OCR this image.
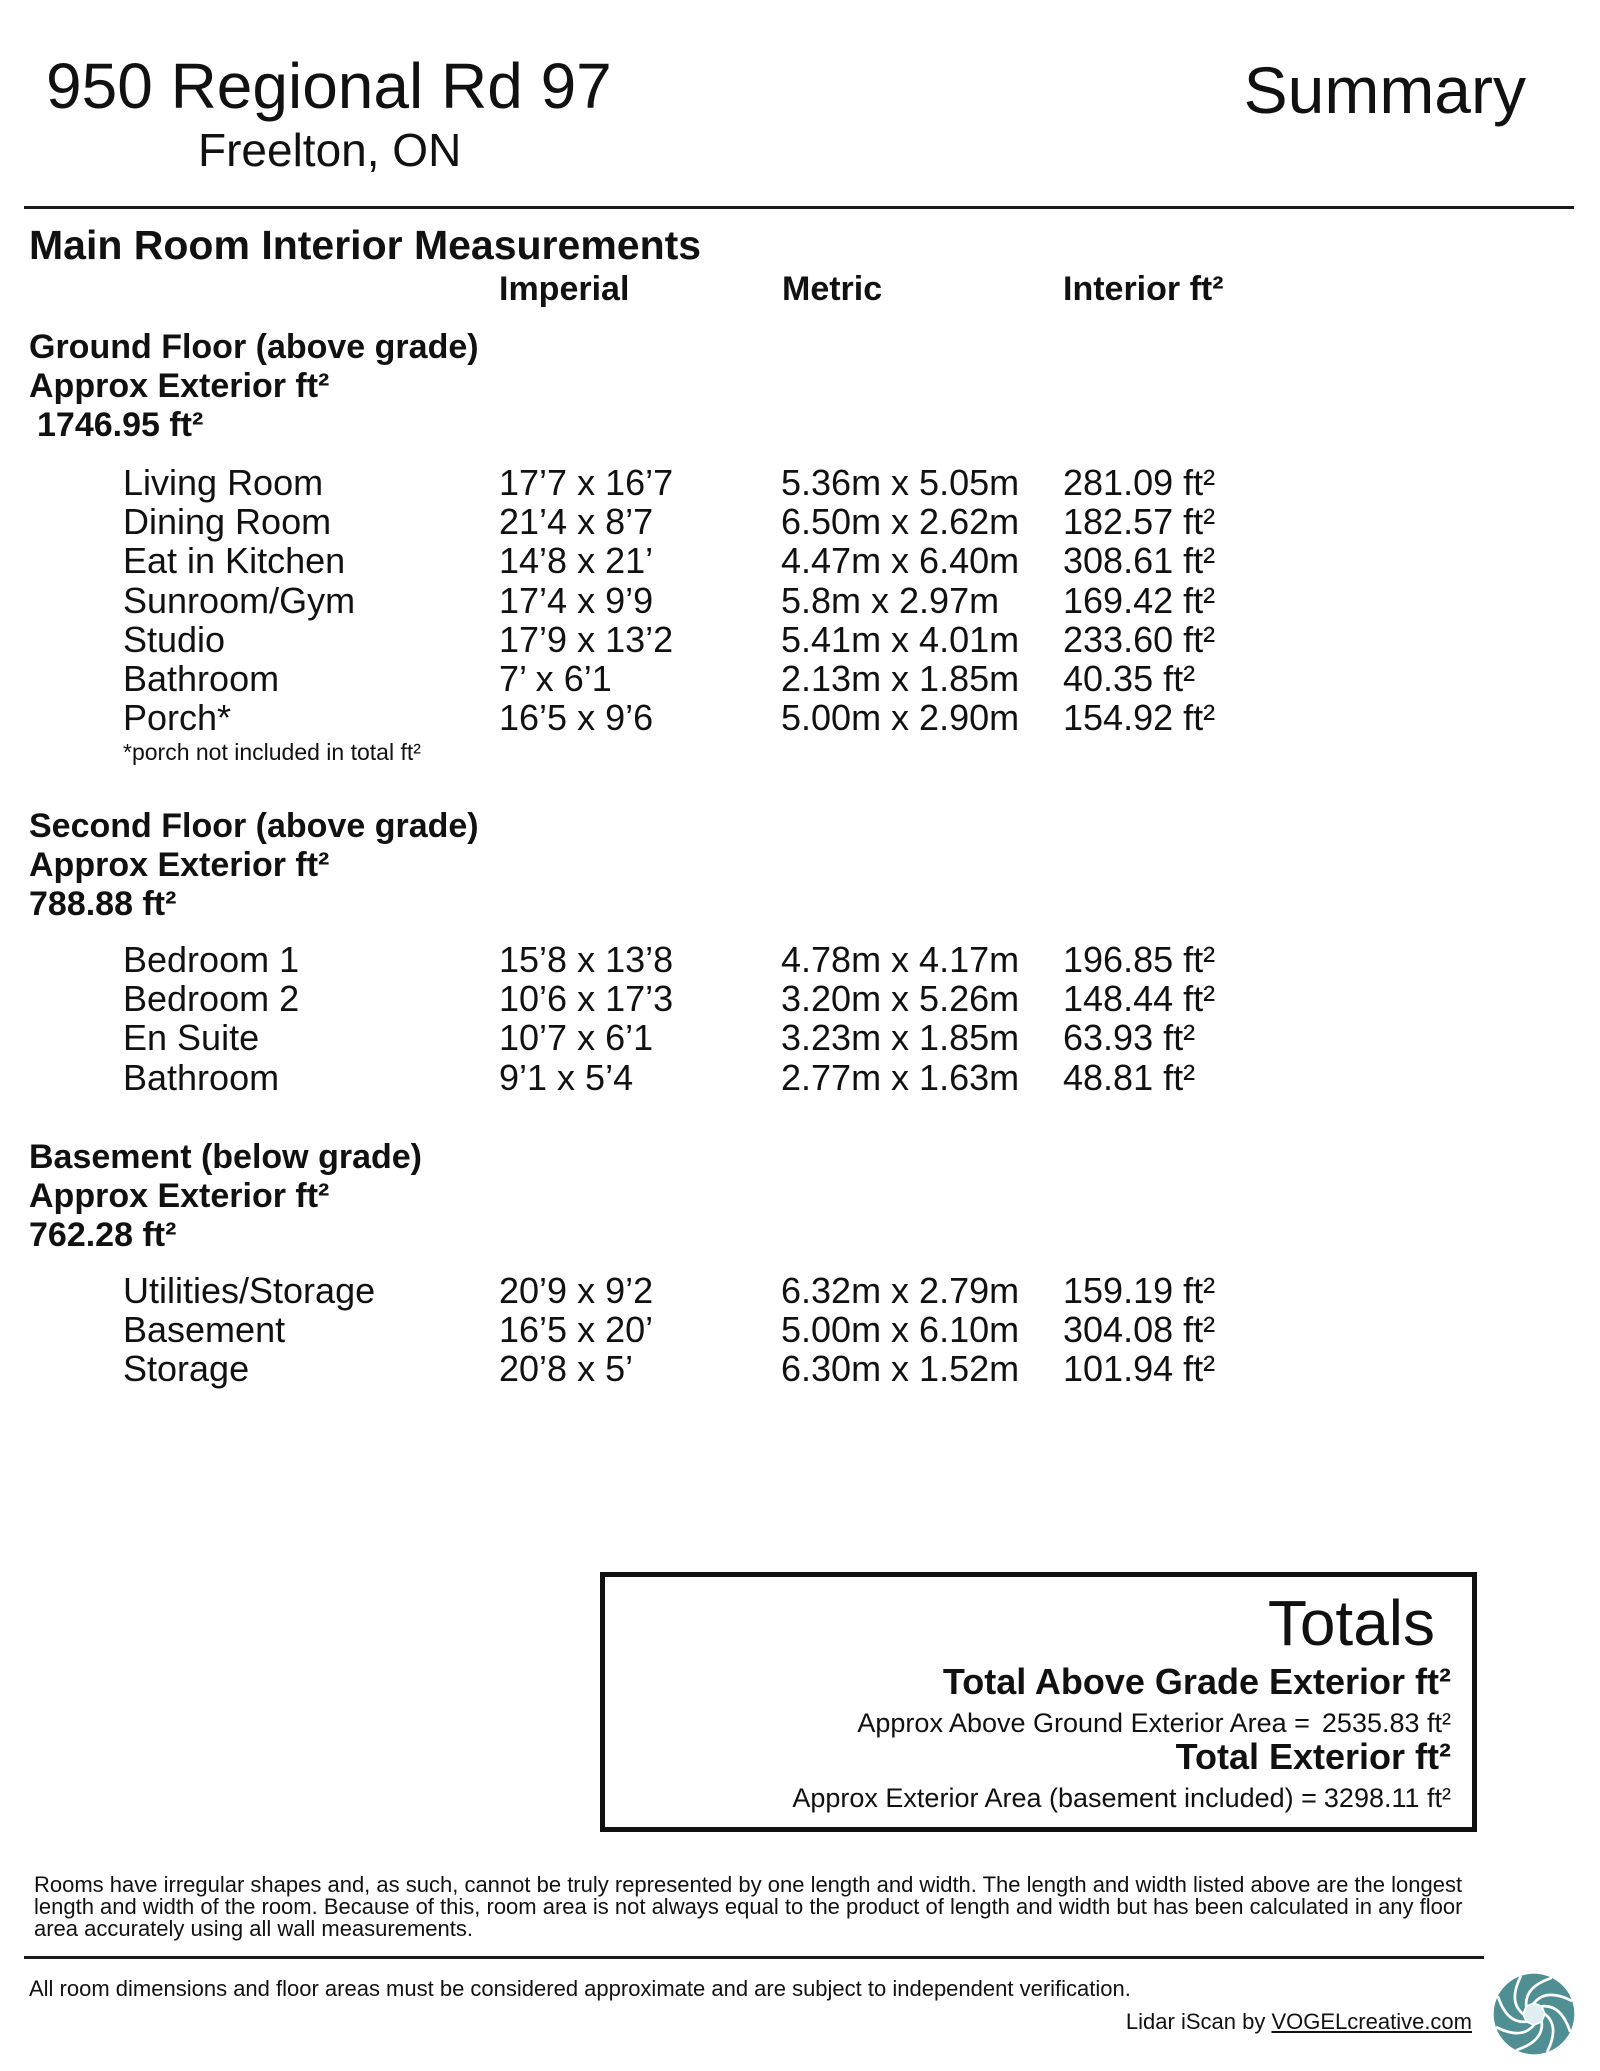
950 Regional Rd 97
Freelton, ON
Summary
Main Room Interior Measurements
Imperial	Metric	Interior ft²
Ground Floor (above grade)
Approx Exterior ft²
1746.95 ft²
Living Room	17’7 x 16’7	5.36m x 5.05m	281.09 ft²
Dining Room	21’4 x 8’7	6.50m x 2.62m	182.57 ft²
Eat in Kitchen	14’8 x 21’	4.47m x 6.40m	308.61 ft²
Sunroom/Gym	17’4 x 9’9	5.8m x 2.97m	169.42 ft²
Studio	17’9 x 13’2	5.41m x 4.01m	233.60 ft²
Bathroom	7’ x 6’1	2.13m x 1.85m	40.35 ft²
Porch*	16’5 x 9’6	5.00m x 2.90m	154.92 ft²
*porch not included in total ft²
Second Floor (above grade)
Approx Exterior ft²
788.88 ft²
Bedroom 1	15’8 x 13’8	4.78m x 4.17m	196.85 ft²
Bedroom 2	10’6 x 17’3	3.20m x 5.26m	148.44 ft²
En Suite	10’7 x 6’1	3.23m x 1.85m	63.93 ft²
Bathroom	9’1 x 5’4	2.77m x 1.63m	48.81 ft²
Basement (below grade)
Approx Exterior ft²
762.28 ft²
Utilities/Storage	20’9 x 9’2	6.32m x 2.79m	159.19 ft²
Basement	16’5 x 20’	5.00m x 6.10m	304.08 ft²
Storage	20’8 x 5’	6.30m x 1.52m	101.94 ft²
Totals
Total Above Grade Exterior ft²
Approx Above Ground Exterior Area = 2535.83 ft²
Total Exterior ft²
Approx Exterior Area (basement included) = 3298.11 ft²

Rooms have irregular shapes and, as such, cannot be truly represented by one length and width. The length and width listed above are the longest length and width of the room. Because of this, room area is not always equal to the product of length and width but has been calculated in any floor area accurately using all wall measurements.

All room dimensions and floor areas must be considered approximate and are subject to independent verification.
Lidar iScan by VOGELcreative.com
